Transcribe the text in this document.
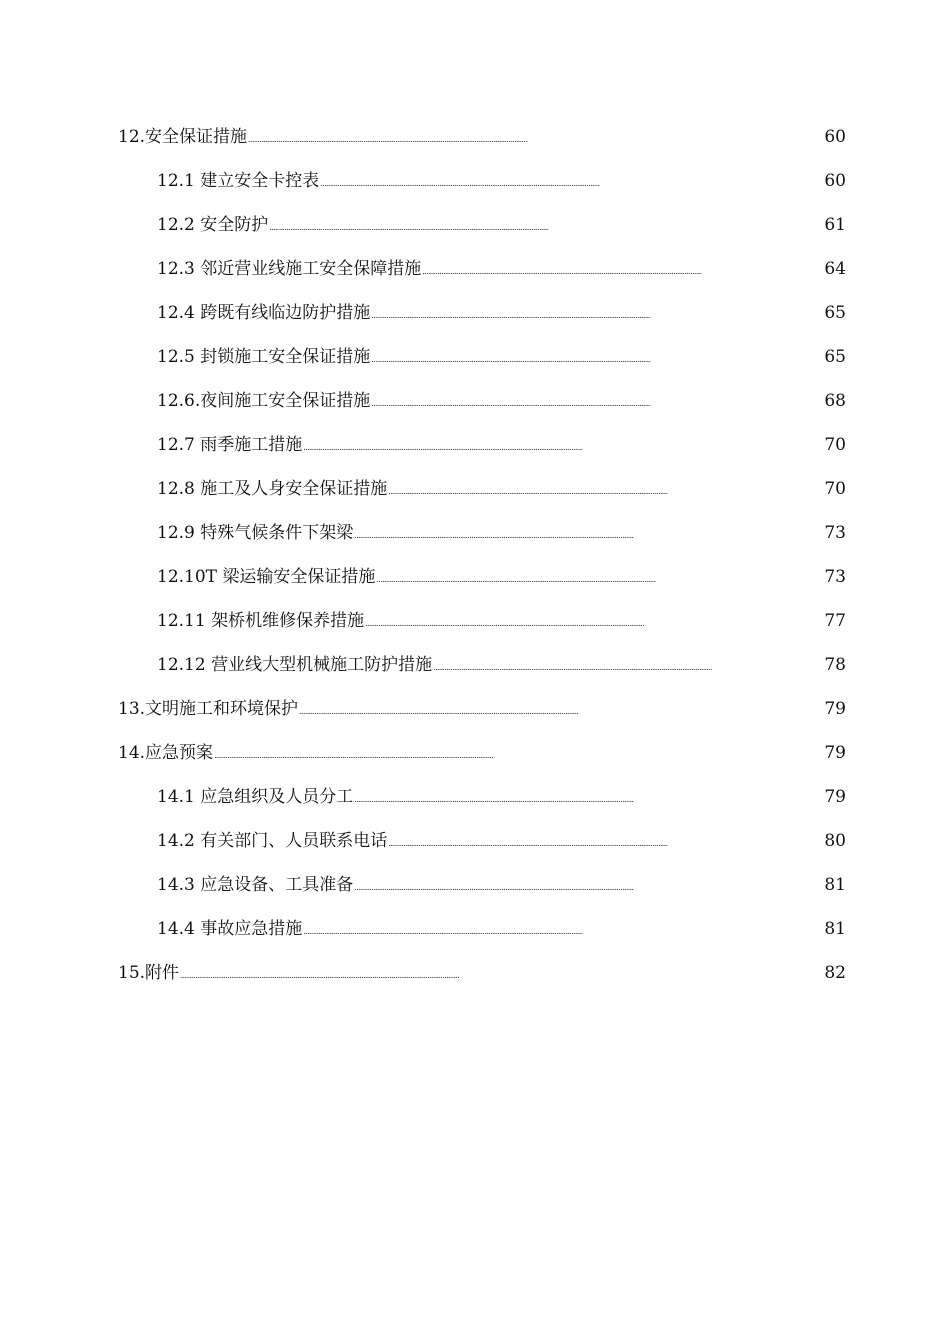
12.安全保证措施 . . .	60
12.1 建立安全卡控表 . . .	60
12.2 安全防护 . . .	61
12.3 邻近营业线施工安全保障措施 . . .	64
12.4 跨既有线临边防护措施 . . .	65
12.5 封锁施工安全保证措施 . . .	65
12.6.夜间施工安全保证措施 . . .	68
12.7 雨季施工措施 . . .	70
12.8 施工及人身安全保证措施 . . .	70
12.9 特殊气候条件下架梁 . . .	73
12.10T 梁运输安全保证措施 . . .	73
12.11 架桥机维修保养措施 . . .	77
12.12 营业线大型机械施工防护措施 . . .	78
13.文明施工和环境保护 . . .	79
14.应急预案 . . .	79
14.1 应急组织及人员分工 . . .	79
14.2 有关部门、人员联系电话 . . .	80
14.3 应急设备、工具准备 . . .	81
14.4 事故应急措施 . . .	81
15.附件 . . .	82
